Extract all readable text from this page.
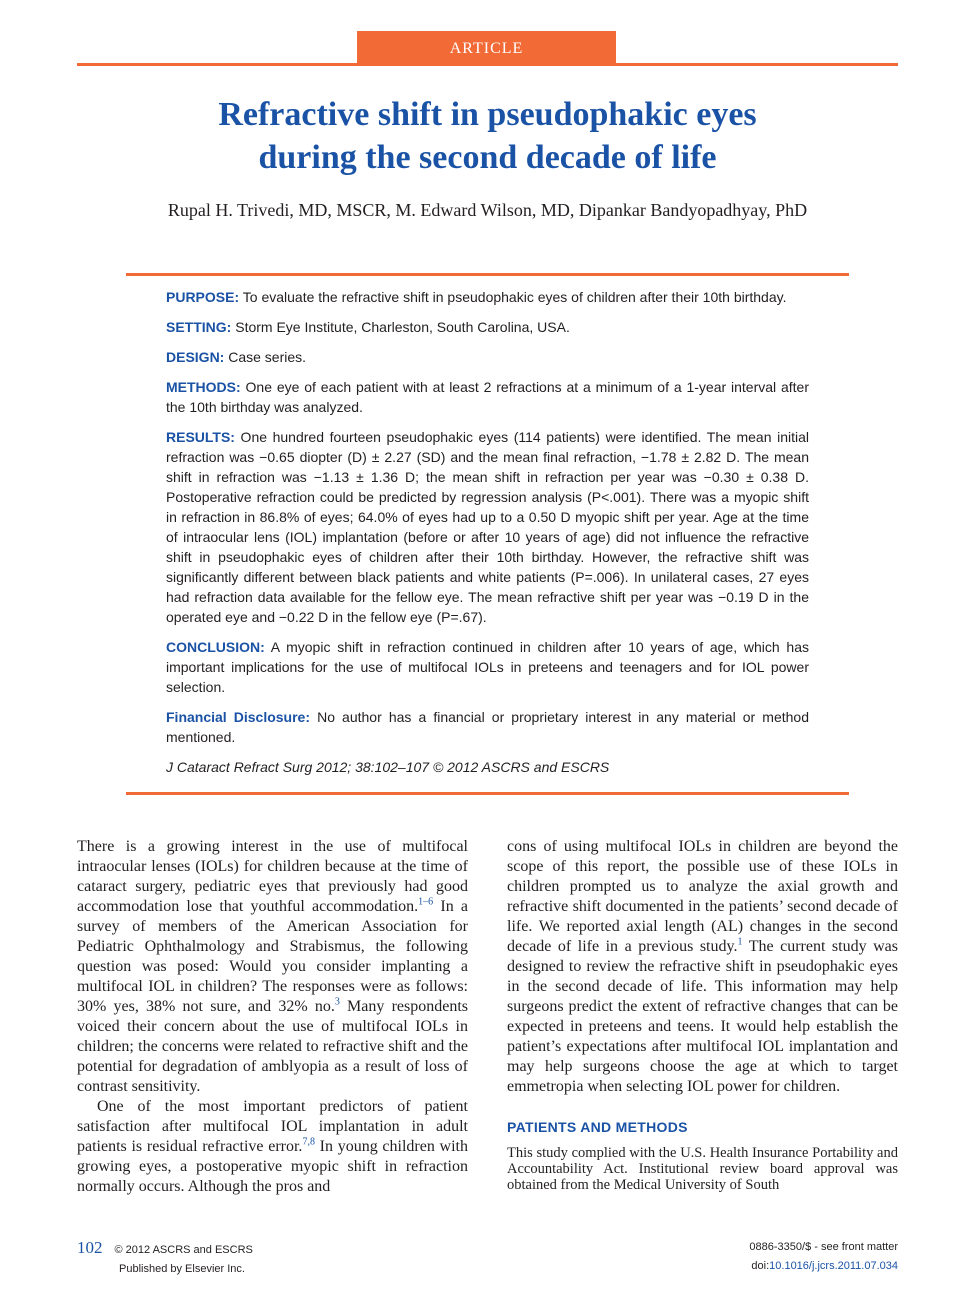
ARTICLE
Refractive shift in pseudophakic eyes
during the second decade of life
Rupal H. Trivedi, MD, MSCR, M. Edward Wilson, MD, Dipankar Bandyopadhyay, PhD

PURPOSE: To evaluate the refractive shift in pseudophakic eyes of children after their 10th birthday.

SETTING: Storm Eye Institute, Charleston, South Carolina, USA.

DESIGN: Case series.

METHODS: One eye of each patient with at least 2 refractions at a minimum of a 1-year interval after the 10th birthday was analyzed.

RESULTS: One hundred fourteen pseudophakic eyes (114 patients) were identified. The mean initial refraction was −0.65 diopter (D) ± 2.27 (SD) and the mean final refraction, −1.78 ± 2.82 D. The mean shift in refraction was −1.13 ± 1.36 D; the mean shift in refraction per year was −0.30 ± 0.38 D. Postoperative refraction could be predicted by regression analysis (P<.001). There was a myopic shift in refraction in 86.8% of eyes; 64.0% of eyes had up to a 0.50 D myopic shift per year. Age at the time of intraocular lens (IOL) implantation (before or after 10 years of age) did not influence the refractive shift in pseudophakic eyes of children after their 10th birthday. However, the refractive shift was significantly different between black patients and white patients (P=.006). In unilateral cases, 27 eyes had refraction data available for the fellow eye. The mean refractive shift per year was −0.19 D in the operated eye and −0.22 D in the fellow eye (P=.67).

CONCLUSION: A myopic shift in refraction continued in children after 10 years of age, which has important implications for the use of multifocal IOLs in preteens and teenagers and for IOL power selection.

Financial Disclosure: No author has a financial or proprietary interest in any material or method mentioned.

J Cataract Refract Surg 2012; 38:102–107 © 2012 ASCRS and ESCRS

There is a growing interest in the use of multifocal intraocular lenses (IOLs) for children because at the time of cataract surgery, pediatric eyes that previously had good accommodation lose that youthful accommodation.$^{1-6}$ In a survey of members of the American Association for Pediatric Ophthalmology and Strabismus, the following question was posed: Would you consider implanting a multifocal IOL in children? The responses were as follows: 30% yes, 38% not sure, and 32% no.$^3$ Many respondents voiced their concern about the use of multifocal IOLs in children; the concerns were related to refractive shift and the potential for degradation of amblyopia as a result of loss of contrast sensitivity.

One of the most important predictors of patient satisfaction after multifocal IOL implantation in adult patients is residual refractive error.$^{7,8}$ In young children with growing eyes, a postoperative myopic shift in refraction normally occurs. Although the pros and

cons of using multifocal IOLs in children are beyond the scope of this report, the possible use of these IOLs in children prompted us to analyze the axial growth and refractive shift documented in the patients’ second decade of life. We reported axial length (AL) changes in the second decade of life in a previous study.$^1$ The current study was designed to review the refractive shift in pseudophakic eyes in the second decade of life. This information may help surgeons predict the extent of refractive changes that can be expected in preteens and teens. It would help establish the patient’s expectations after multifocal IOL implantation and may help surgeons choose the age at which to target emmetropia when selecting IOL power for children.

PATIENTS AND METHODS

This study complied with the U.S. Health Insurance Portability and Accountability Act. Institutional review board approval was obtained from the Medical University of South

102 © 2012 ASCRS and ESCRS
Published by Elsevier Inc.
0886-3350/$ - see front matter
doi:10.1016/j.jcrs.2011.07.034
